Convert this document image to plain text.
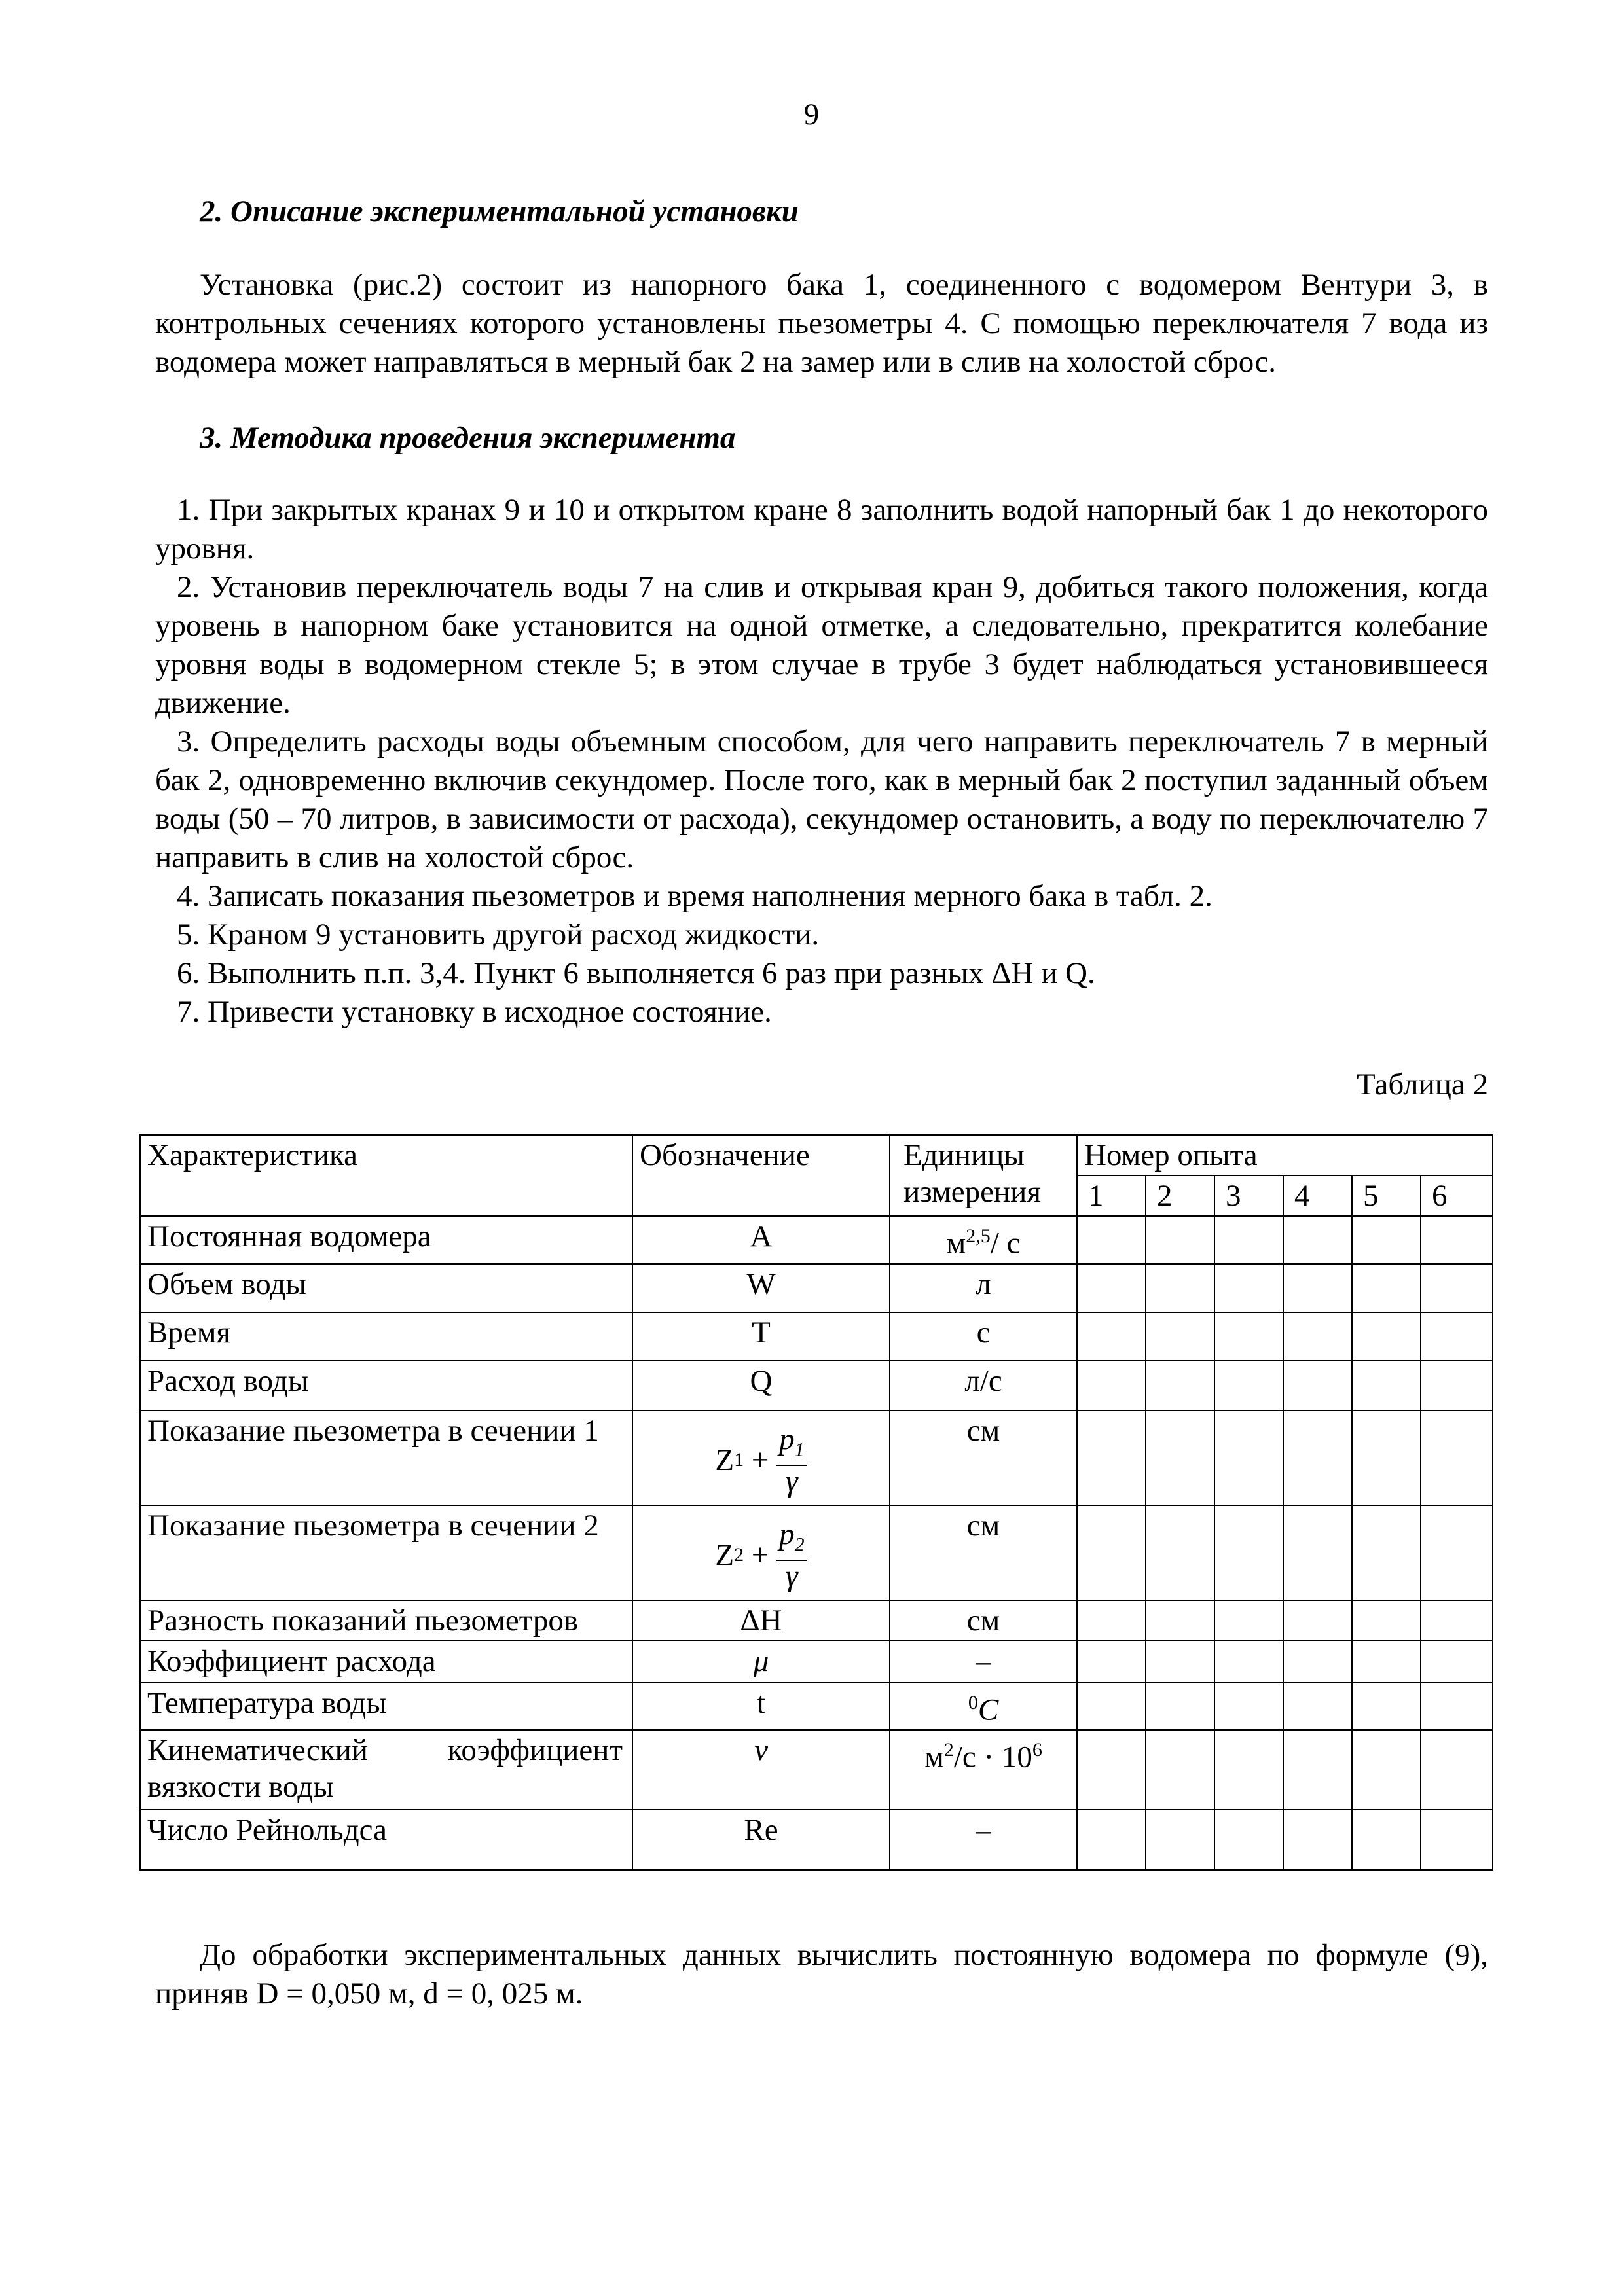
9
2. Описание экспериментальной установки

Установка (рис.2) состоит из напорного бака 1, соединенного с водомером Вентури 3, в контрольных сечениях которого установлены пьезометры 4. С помощью переключателя 7 вода из водомера может направляться в мерный бак 2 на замер или в слив на холостой сброс.

3. Методика проведения эксперимента

1. При закрытых кранах 9 и 10 и открытом кране 8 заполнить водой напорный бак 1 до некоторого уровня.

2. Установив переключатель воды 7 на слив и открывая кран 9, добиться такого положения, когда уровень в напорном баке установится на одной отметке, а следовательно, прекратится колебание уровня воды в водомерном стекле 5; в этом случае в трубе 3 будет наблюдаться установившееся движение.

3. Определить расходы воды объемным способом, для чего направить переключатель 7 в мерный бак 2, одновременно включив секундомер. После того, как в мерный бак 2 поступил заданный объем воды (50 – 70 литров, в зависимости от расхода), секундомер остановить, а воду по переключателю 7 направить в слив на холостой сброс.

4. Записать показания пьезометров и время наполнения мерного бака в табл. 2.

5. Краном 9 установить другой расход жидкости.

6. Выполнить п.п. 3,4. Пункт 6 выполняется 6 раз при разных ΔH и Q.

7. Привести установку в исходное состояние.

Таблица 2
Характеристика	Обозначение	Единицы
измерения	Номер опыта					
			1	2	3	4	5	6
Постоянная водомера	A	$м^{2,5}/$ с						
Объем воды	W	л						
Время	T	с						
Расход воды	Q	л/с						
Показание пьезометра в сечении 1	Z $1 + \frac{p_1}{\gamma}$	см						
Показание пьезометра в сечении 2	Z $2 + \frac{p_2}{\gamma}$	см						
Разность показаний пьезометров	ΔH	см						
Коэффициент расхода	μ	–						
Температура воды	t	$^0$C						
Кинематический коэффициент вязкости воды	ν	$м^2/с \cdot 10^6$						
Число Рейнольдса	Re	–						

До обработки экспериментальных данных вычислить постоянную водомера по формуле (9), приняв D = 0,050 м, d = 0, 025 м.
